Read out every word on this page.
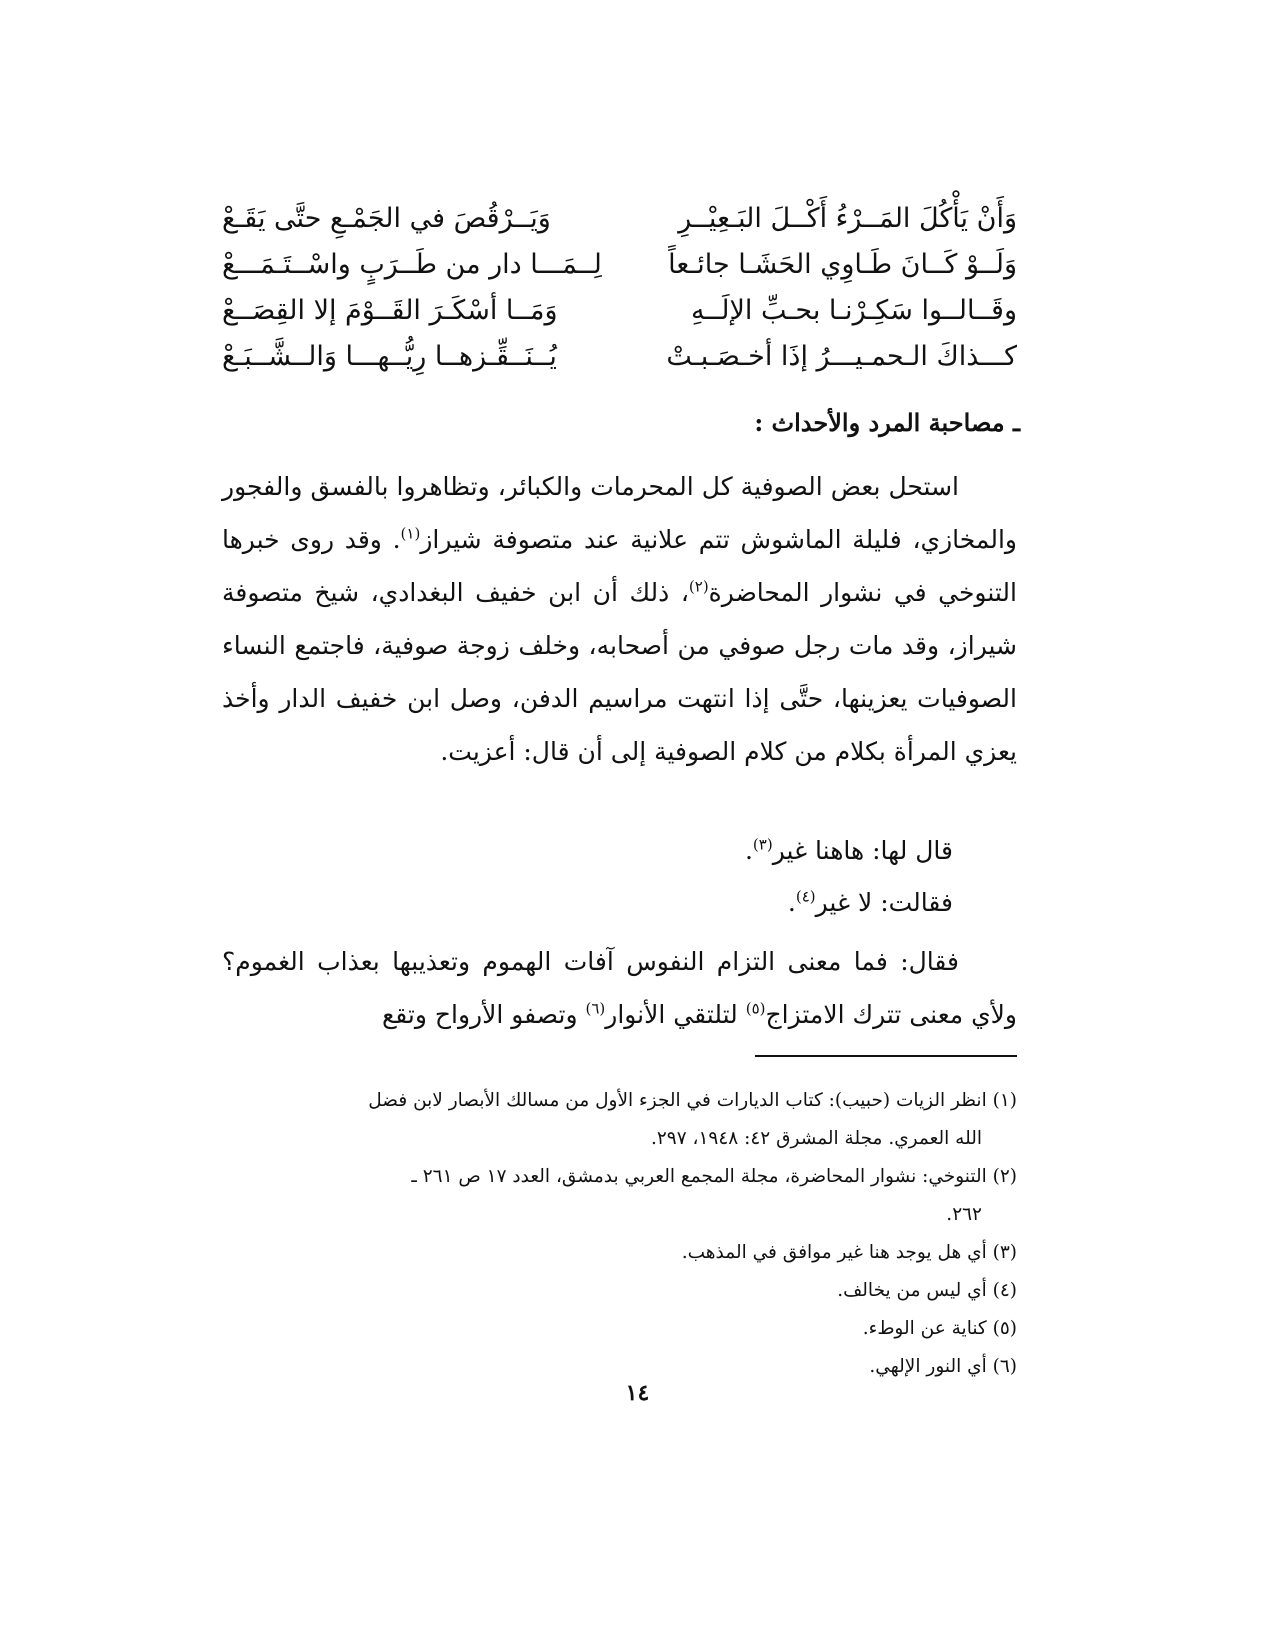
وَأَنْ يَأْكُلَ المَــرْءُ أَكْــلَ البَـعِيْــرِ
وَيَــرْقُصَ في الجَمْـعِ حتَّى يَقَـعْ
وَلَــوْ كَــانَ طَـاوِي الحَشَـا جائـعاً
لِــمَـــا دار من طَــرَبٍ واسْــتَـمَـــعْ
وقَــالــوا سَكِـرْنـا بحـبِّ الإلَــهِ
وَمَــا أسْكَـرَ القَــوْمَ إلا القِصَــعْ
كـــذاكَ الـحمـيـــرُ إذَا أخـصَـبـتْ
يُــنَــقِّـزهــا رِيُّــهـــا وَالــشَّــبَـعْ
ـ مصاحبة المرد والأحداث :
استحل بعض الصوفية كل المحرمات والكبائر، وتظاهروا بالفسق والفجور والمخازي، فليلة الماشوش تتم علانية عند متصوفة شيراز$^{(١)}$. وقد روى خبرها التنوخي في نشوار المحاضرة$^{(٢)}$، ذلك أن ابن خفيف البغدادي، شيخ متصوفة شيراز، وقد مات رجل صوفي من أصحابه، وخلف زوجة صوفية، فاجتمع النساء الصوفيات يعزينها، حتَّى إذا انتهت مراسيم الدفن، وصل ابن خفيف الدار وأخذ يعزي المرأة بكلام من كلام الصوفية إلى أن قال: أعزيت.
قال لها: هاهنا غير$^{(٣)}$.
فقالت: لا غير$^{(٤)}$.
فقال: فما معنى التزام النفوس آفات الهموم وتعذيبها بعذاب الغموم؟ ولأي معنى تترك الامتزاج$^{(٥)}$ لتلتقي الأنوار$^{(٦)}$ وتصفو الأرواح وتقع
(١) انظر الزيات (حبيب): كتاب الديارات في الجزء الأول من مسالك الأبصار لابن فضل
الله العمري. مجلة المشرق ٤٢: ١٩٤٨، ٢٩٧.
(٢) التنوخي: نشوار المحاضرة، مجلة المجمع العربي بدمشق، العدد ١٧ ص ٢٦١ ـ
٢٦٢.
(٣) أي هل يوجد هنا غير موافق في المذهب.
(٤) أي ليس من يخالف.
(٥) كناية عن الوطء.
(٦) أي النور الإلهي.
١٤
